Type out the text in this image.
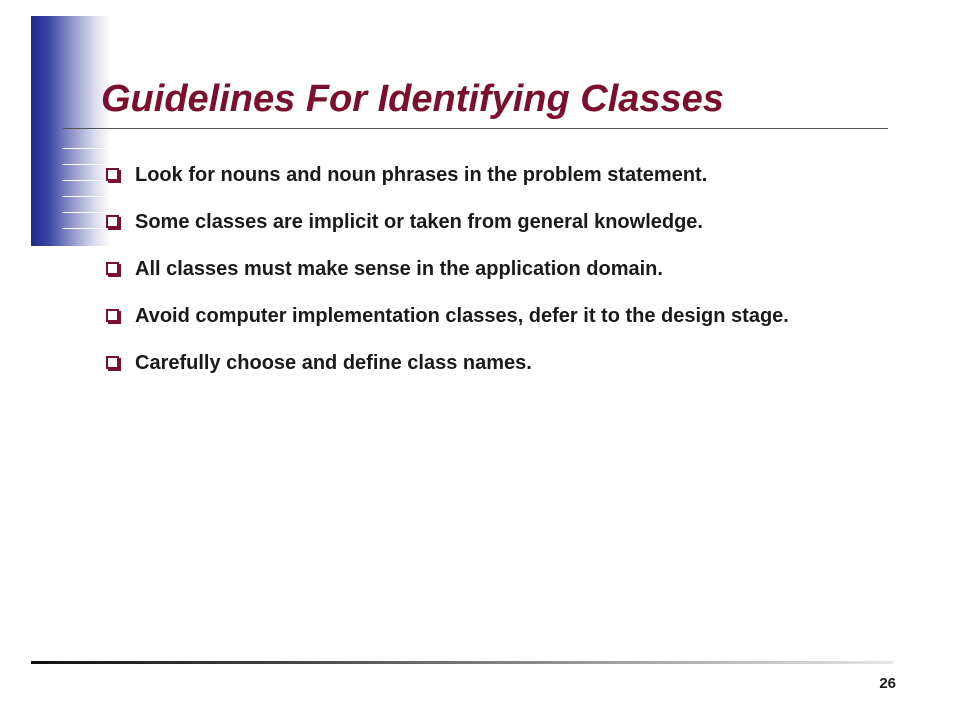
Guidelines For Identifying Classes
Look for nouns and noun phrases in the problem statement.
Some classes are implicit or taken from general knowledge.
All classes must make sense in the application domain.
Avoid computer implementation classes, defer it to the design stage.
Carefully choose and define class names.
26
